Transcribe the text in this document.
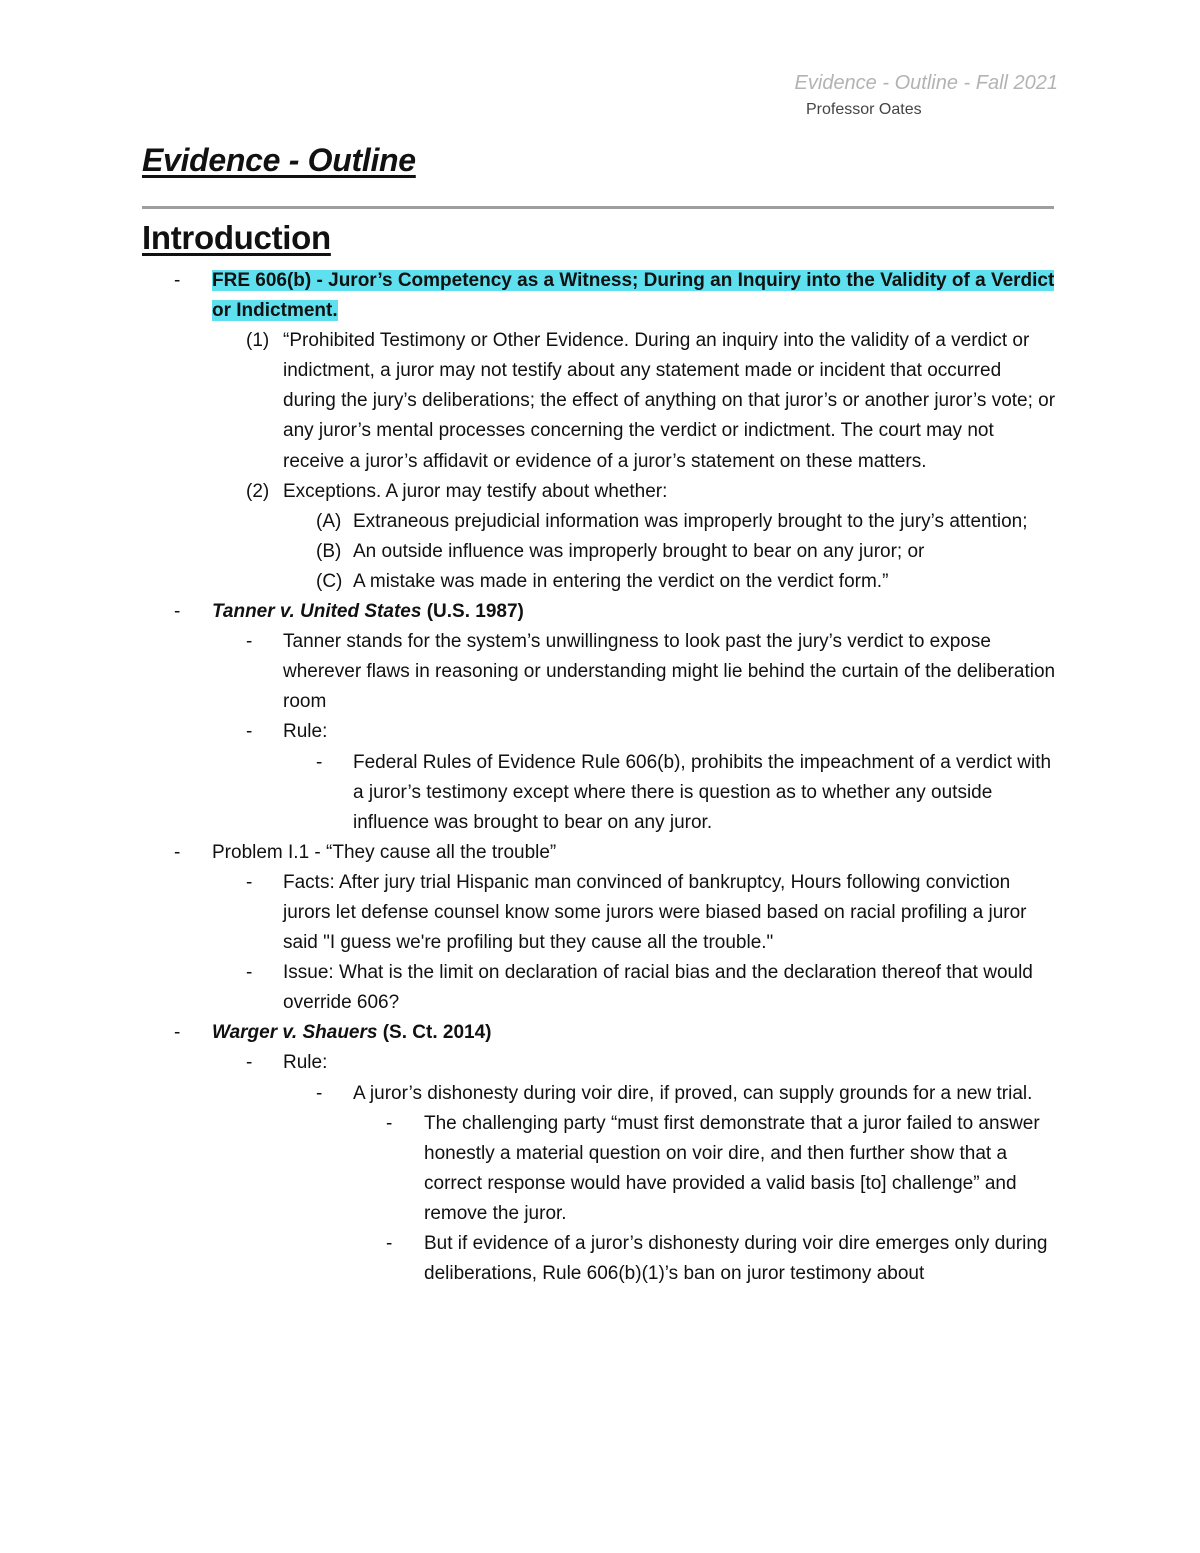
Evidence - Outline - Fall 2021
Professor Oates
Evidence - Outline
Introduction
- FRE 606(b) - Juror’s Competency as a Witness; During an Inquiry into the Validity of a Verdict or Indictment.
(1) “Prohibited Testimony or Other Evidence. During an inquiry into the validity of a verdict or indictment, a juror may not testify about any statement made or incident that occurred during the jury’s deliberations; the effect of anything on that juror’s or another juror’s vote; or any juror’s mental processes concerning the verdict or indictment. The court may not receive a juror’s affidavit or evidence of a juror’s statement on these matters.
(2) Exceptions. A juror may testify about whether:
(A) Extraneous prejudicial information was improperly brought to the jury’s attention;
(B) An outside influence was improperly brought to bear on any juror; or
(C) A mistake was made in entering the verdict on the verdict form.”
- Tanner v. United States (U.S. 1987)
- Tanner stands for the system’s unwillingness to look past the jury’s verdict to expose wherever flaws in reasoning or understanding might lie behind the curtain of the deliberation room
- Rule:
- Federal Rules of Evidence Rule 606(b), prohibits the impeachment of a verdict with a juror’s testimony except where there is question as to whether any outside influence was brought to bear on any juror.
- Problem I.1 - “They cause all the trouble”
- Facts: After jury trial Hispanic man convinced of bankruptcy, Hours following conviction jurors let defense counsel know some jurors were biased based on racial profiling a juror said "I guess we're profiling but they cause all the trouble."
- Issue: What is the limit on declaration of racial bias and the declaration thereof that would override 606?
- Warger v. Shauers (S. Ct. 2014)
- Rule:
- A juror’s dishonesty during voir dire, if proved, can supply grounds for a new trial.
- The challenging party “must first demonstrate that a juror failed to answer honestly a material question on voir dire, and then further show that a correct response would have provided a valid basis [to] challenge” and remove the juror.
- But if evidence of a juror’s dishonesty during voir dire emerges only during deliberations, Rule 606(b)(1)’s ban on juror testimony about
